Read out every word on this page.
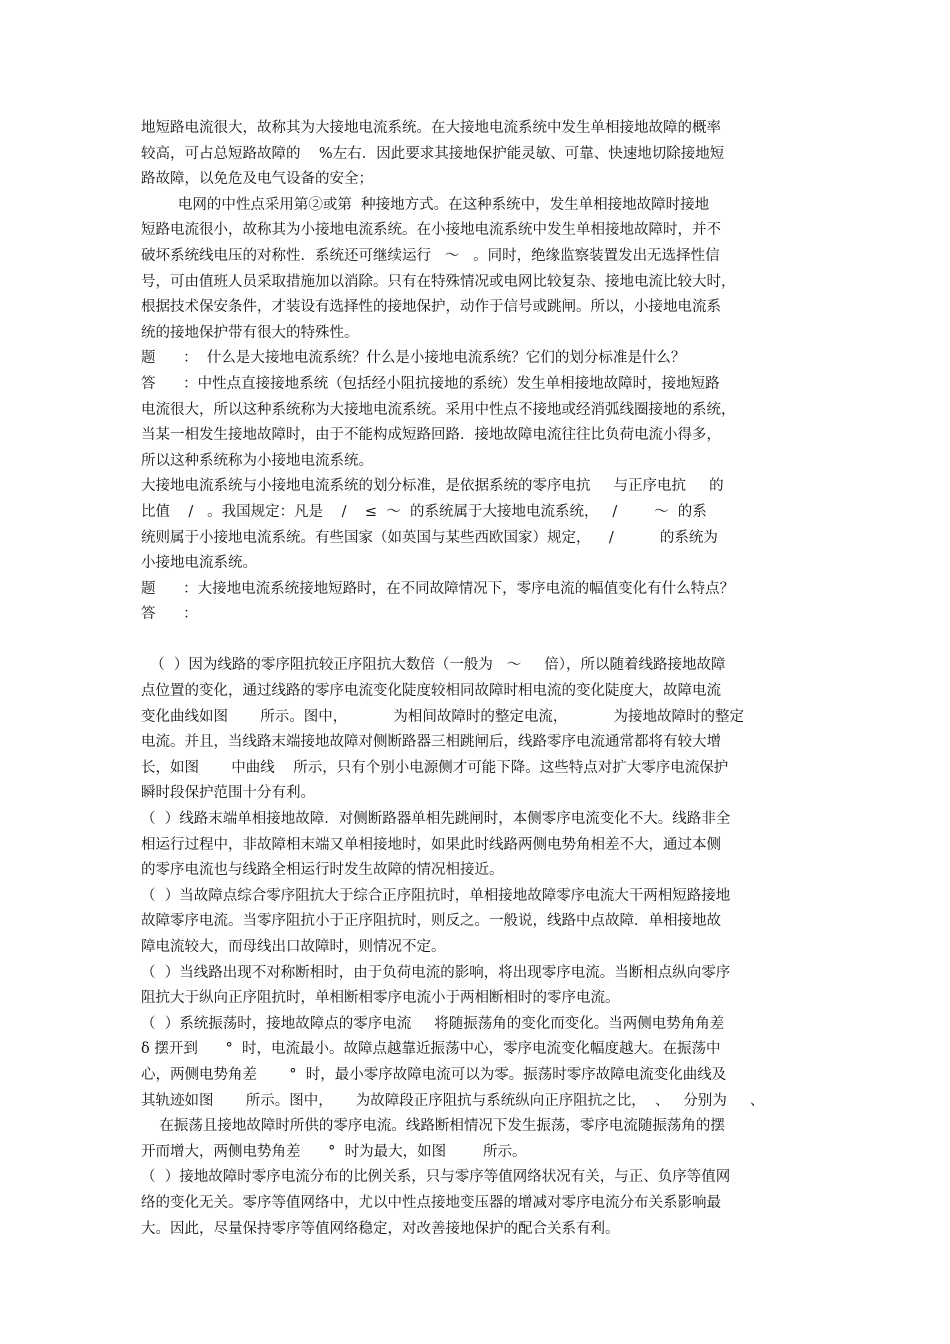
地短路电流很大，故称其为大接地电流系统。在大接地电流系统中发生单相接地故障的概率
较高，可占总短路故障的    %左右．因此要求其接地保护能灵敏、可靠、快速地切除接地短
路故障，以免危及电气设备的安全；
电网的中性点采用第②或第  种接地方式。在这种系统中，发生单相接地故障时接地
短路电流很小，故称其为小接地电流系统。在小接地电流系统中发生单相接地故障时，并不
破坏系统线电压的对称性．系统还可继续运行   ～   。同时，绝缘监察装置发出无选择性信
号，可由值班人员采取措施加以消除。只有在特殊情况或电网比较复杂、接地电流比较大时，
根据技术保安条件，才装设有选择性的接地保护，动作于信号或跳闸。所以，小接地电流系
统的接地保护带有很大的特殊性。
题      ：  什么是大接地电流系统？什么是小接地电流系统？它们的划分标准是什么？
答      ：中性点直接接地系统（包括经小阻抗接地的系统）发生单相接地故障时，接地短路
电流很大，所以这种系统称为大接地电流系统。采用中性点不接地或经消弧线圈接地的系统，
当某一相发生接地故障时，由于不能构成短路回路．接地故障电流往往比负荷电流小得多，
所以这种系统称为小接地电流系统。
大接地电流系统与小接地电流系统的划分标准，是依据系统的零序电抗     与正序电抗     的
比值    /   。我国规定：凡是    /    ≤  ～  的系统属于大接地电流系统，   /        ～  的系
统则属于小接地电流系统。有些国家（如英国与某些西欧国家）规定，    /          的系统为
小接地电流系统。
题      ：大接地电流系统接地短路时，在不同故障情况下，零序电流的幅值变化有什么特点？
答      ：
（  ）因为线路的零序阻抗较正序阻抗大数倍（一般为   ～     倍），所以随着线路接地故障
点位置的变化，通过线路的零序电流变化陡度较相同故障时相电流的变化陡度大，故障电流
变化曲线如图       所示。图中，          为相间故障时的整定电流，          为接地故障时的整定
电流。并且，当线路末端接地故障对侧断路器三相跳闸后，线路零序电流通常都将有较大增
长，如图       中曲线    所示，只有个别小电源侧才可能下降。这些特点对扩大零序电流保护
瞬时段保护范围十分有利。
（  ）线路末端单相接地故障．对侧断路器单相先跳闸时，本侧零序电流变化不大。线路非全
相运行过程中，非故障相末端又单相接地时，如果此时线路两侧电势角相差不大，通过本侧
的零序电流也与线路全相运行时发生故障的情况相接近。
（  ）当故障点综合零序阻抗大于综合正序阻抗时，单相接地故障零序电流大干两相短路接地
故障零序电流。当零序阻抗小于正序阻抗时，则反之。一般说，线路中点故障．单相接地故
障电流较大，而母线出口故障时，则情况不定。
（  ）当线路出现不对称断相时，由于负荷电流的影响，将出现零序电流。当断相点纵向零序
阻抗大于纵向正序阻抗时，单相断相零序电流小于两相断相时的零序电流。
（  ）系统振荡时，接地故障点的零序电流     将随振荡角的变化而变化。当两侧电势角角差
δ 摆开到      °  时，电流最小。故障点越靠近振荡中心，零序电流变化幅度越大。在振荡中
心，两侧电势角差       °  时，最小零序故障电流可以为零。振荡时零序故障电流变化曲线及
其轨迹如图       所示。图中，     为故障段正序阻抗与系统纵向正序阻抗之比，  、   分别为     、
在振荡且接地故障时所供的零序电流。线路断相情况下发生振荡，零序电流随振荡角的摆
开而增大，两侧电势角差      °  时为最大，如图        所示。
（  ）接地故障时零序电流分布的比例关系，只与零序等值网络状况有关，与正、负序等值网
络的变化无关。零序等值网络中，尤以中性点接地变压器的增减对零序电流分布关系影响最
大。因此，尽量保持零序等值网络稳定，对改善接地保护的配合关系有利。
